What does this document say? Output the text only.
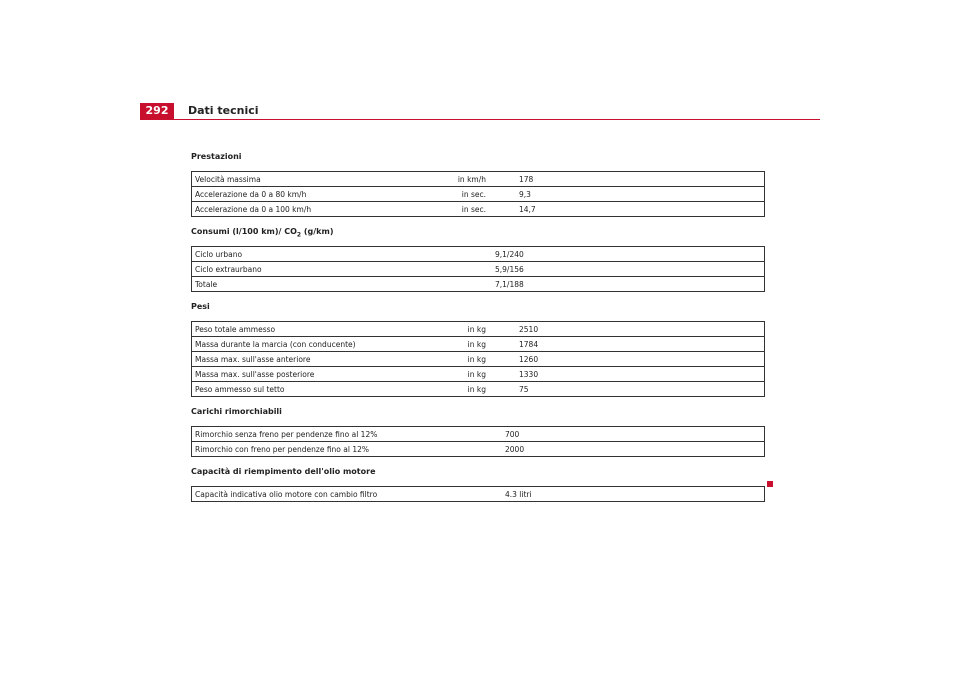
292	Dati tecnici
Prestazioni
Velocità massima	in km/h	178
Accelerazione da 0 a 80 km/h	in sec.	9,3
Accelerazione da 0 a 100 km/h	in sec.	14,7
Consumi (l/100 km)/ $CO_2$ (g/km)
Ciclo urbano	9,1/240
Ciclo extraurbano	5,9/156
Totale	7,1/188
Pesi
Peso totale ammesso	in kg	2510
Massa durante la marcia (con conducente)	in kg	1784
Massa max. sull'asse anteriore	in kg	1260
Massa max. sull'asse posteriore	in kg	1330
Peso ammesso sul tetto	in kg	75
Carichi rimorchiabili
Rimorchio senza freno per pendenze fino al 12%	700
Rimorchio con freno per pendenze fino al 12%	2000
Capacità di riempimento dell'olio motore
Capacità indicativa olio motore con cambio filtro	4.3 litri
